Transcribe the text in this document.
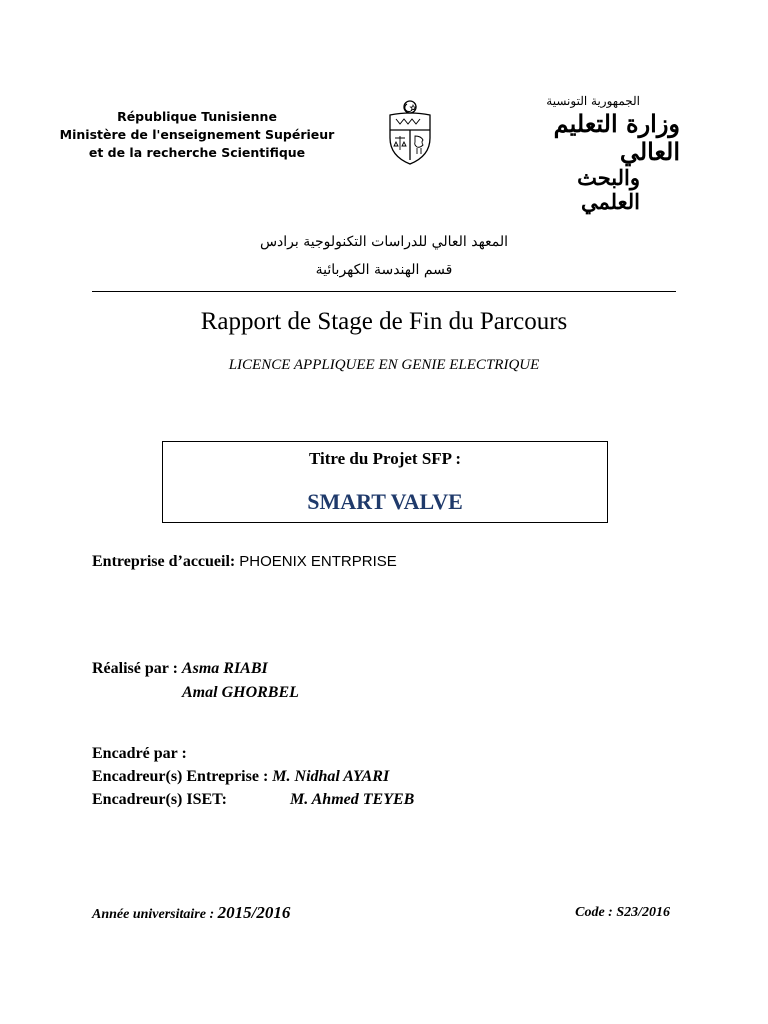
République Tunisienne
Ministère de l'enseignement Supérieur
et de la recherche Scientifique
الجمهورية التونسية
وزارة التعليم العالي
والبحث العلمي
المعهد العالي للدراسات التكنولوجية برادس
قسم الهندسة الكهربائية
Rapport de Stage de Fin du Parcours
LICENCE APPLIQUEE EN GENIE ELECTRIQUE
Titre du Projet SFP :
SMART VALVE
Entreprise d’accueil: PHOENIX ENTRPRISE
Réalisé par : Asma RIABI
Amal GHORBEL
Encadré par :
Encadreur(s) Entreprise : M. Nidhal AYARI
Encadreur(s) ISET:	M. Ahmed TEYEB
Année universitaire : 2015/2016	Code : S23/2016
